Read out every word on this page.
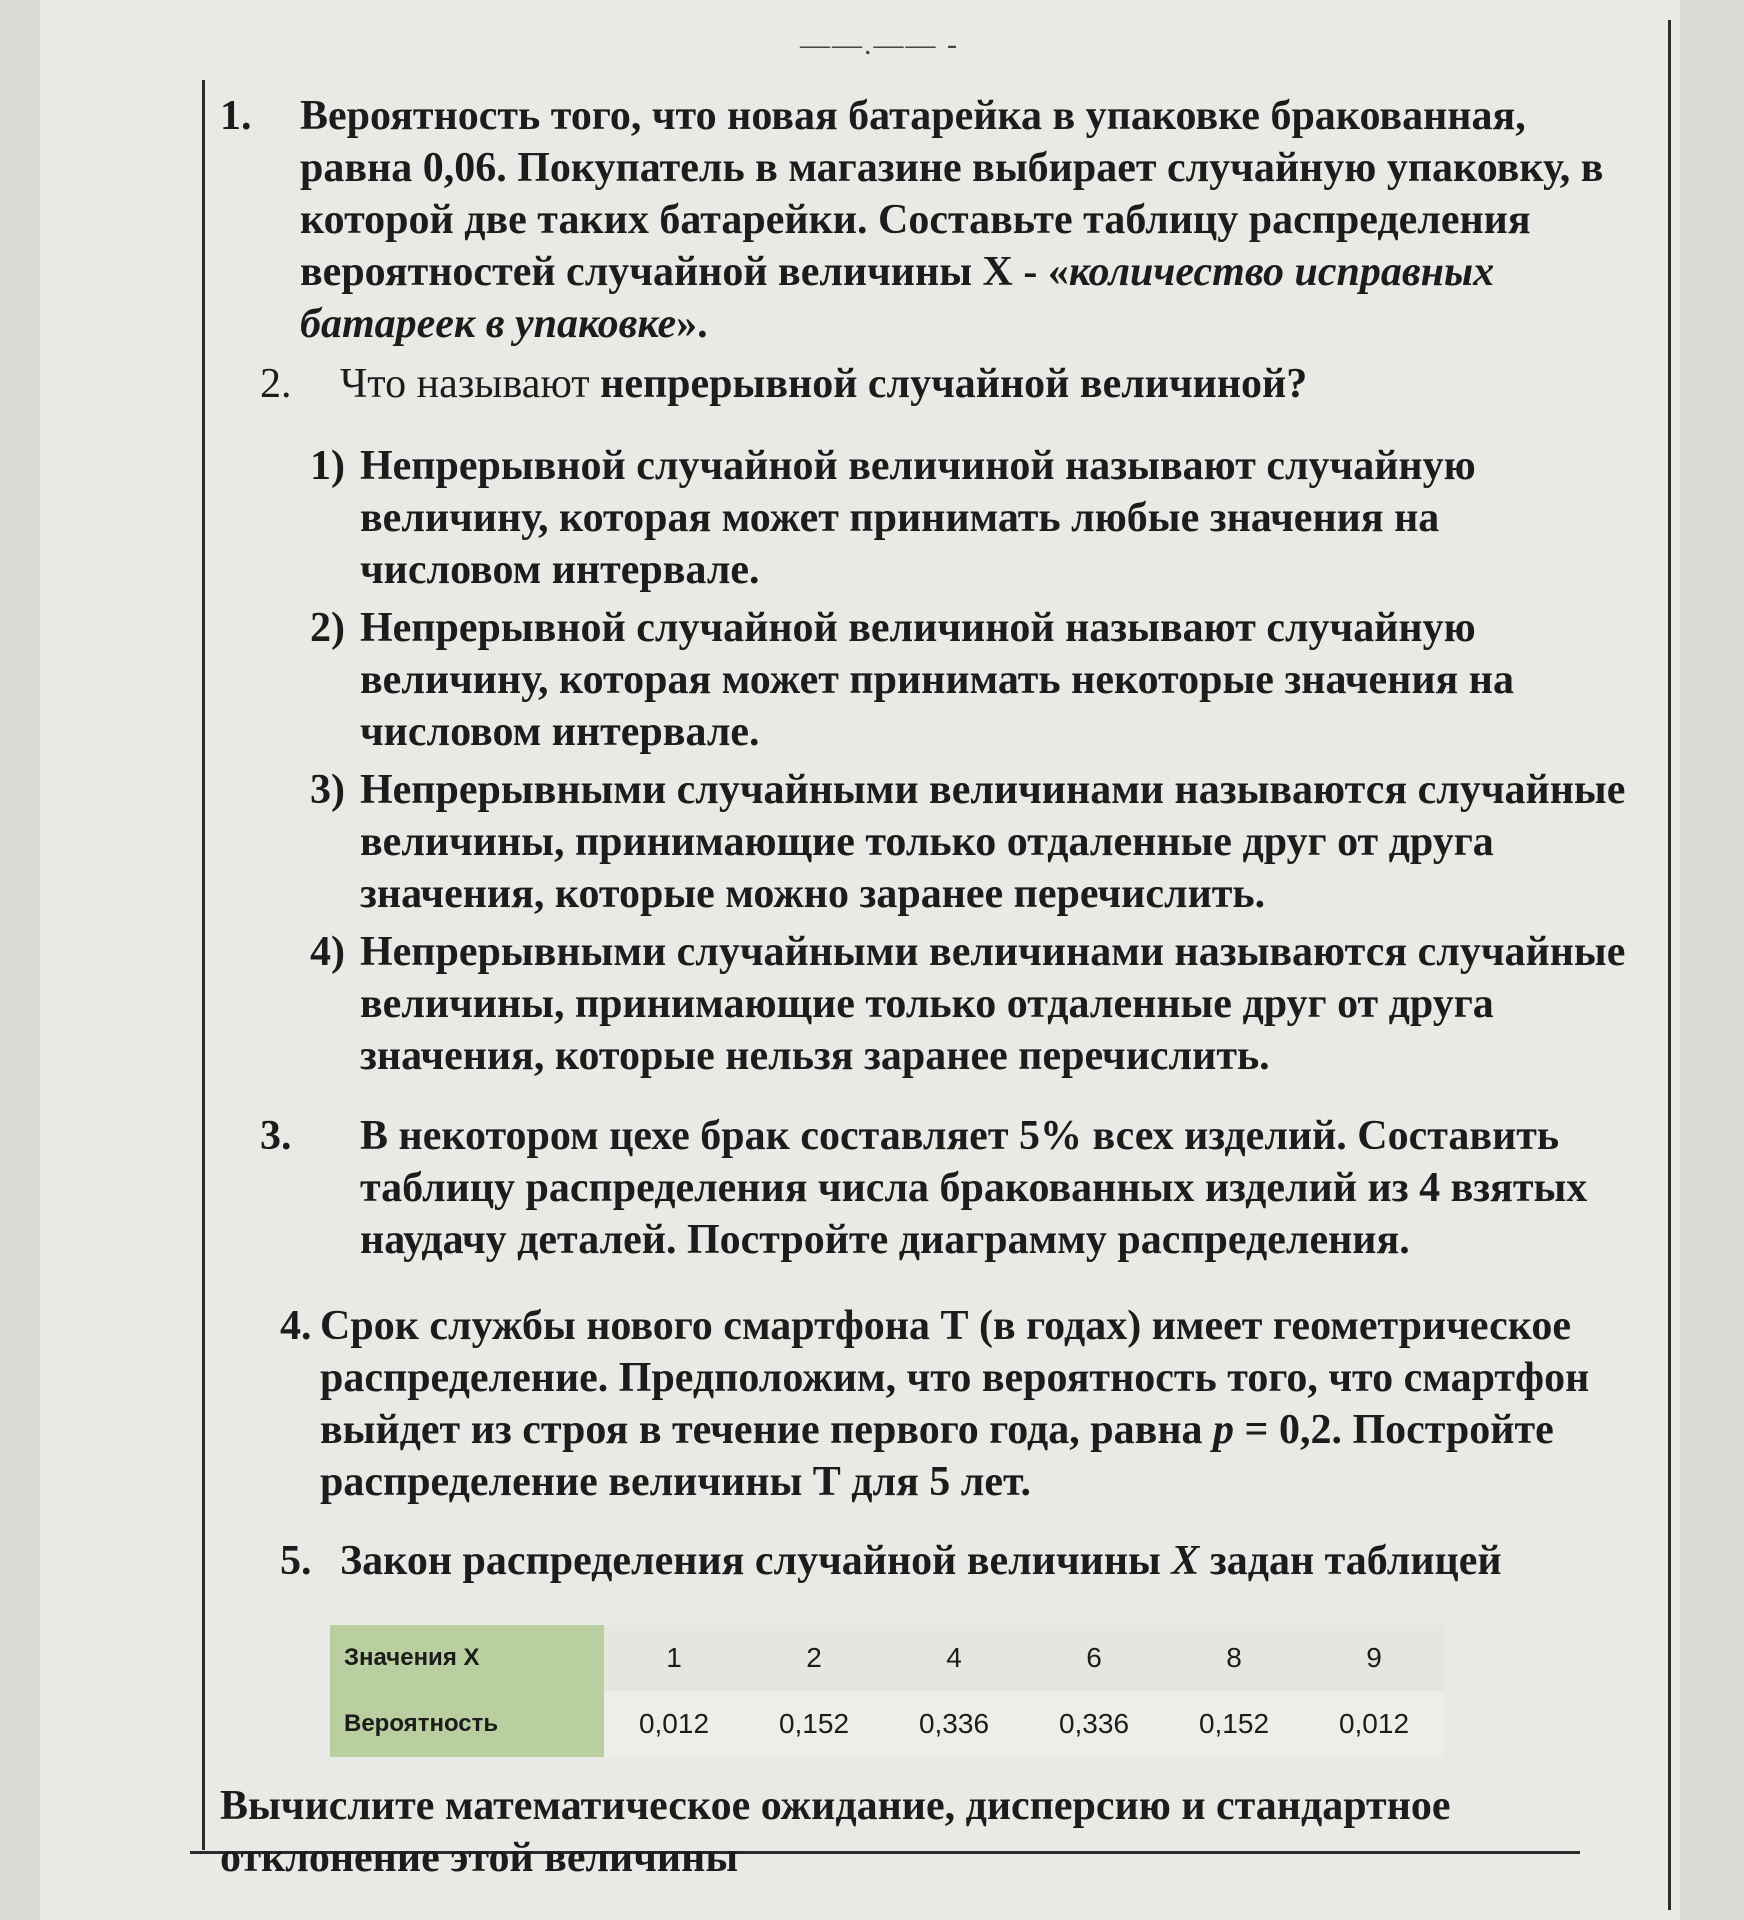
——.—— -
1. Вероятность того, что новая батарейка в упаковке бракованная, равна 0,06. Покупатель в магазине выбирает случайную упаковку, в которой две таких батарейки. Составьте таблицу распределения вероятностей случайной величины Х - «количество исправных батареек в упаковке».
2. Что называют непрерывной случайной величиной?
1) Непрерывной случайной величиной называют случайную величину, которая может принимать любые значения на числовом интервале.
2) Непрерывной случайной величиной называют случайную величину, которая может принимать некоторые значения на числовом интервале.
3) Непрерывными случайными величинами называются случайные величины, принимающие только отдаленные друг от друга значения, которые можно заранее перечислить.
4) Непрерывными случайными величинами называются случайные величины, принимающие только отдаленные друг от друга значения, которые нельзя заранее перечислить.
3. В некотором цехе брак составляет 5% всех изделий. Составить таблицу распределения числа бракованных изделий из 4 взятых наудачу деталей. Постройте диаграмму распределения.
4. Срок службы нового смартфона Т (в годах) имеет геометрическое распределение. Предположим, что вероятность того, что смартфон выйдет из строя в течение первого года, равна p = 0,2. Постройте распределение величины Т для 5 лет.
5. Закон распределения случайной величины X задан таблицей
Значения X	1	2	4	6	8	9
Вероятность	0,012	0,152	0,336	0,336	0,152	0,012
Вычислите математическое ожидание, дисперсию и стандартное отклонение этой величины
